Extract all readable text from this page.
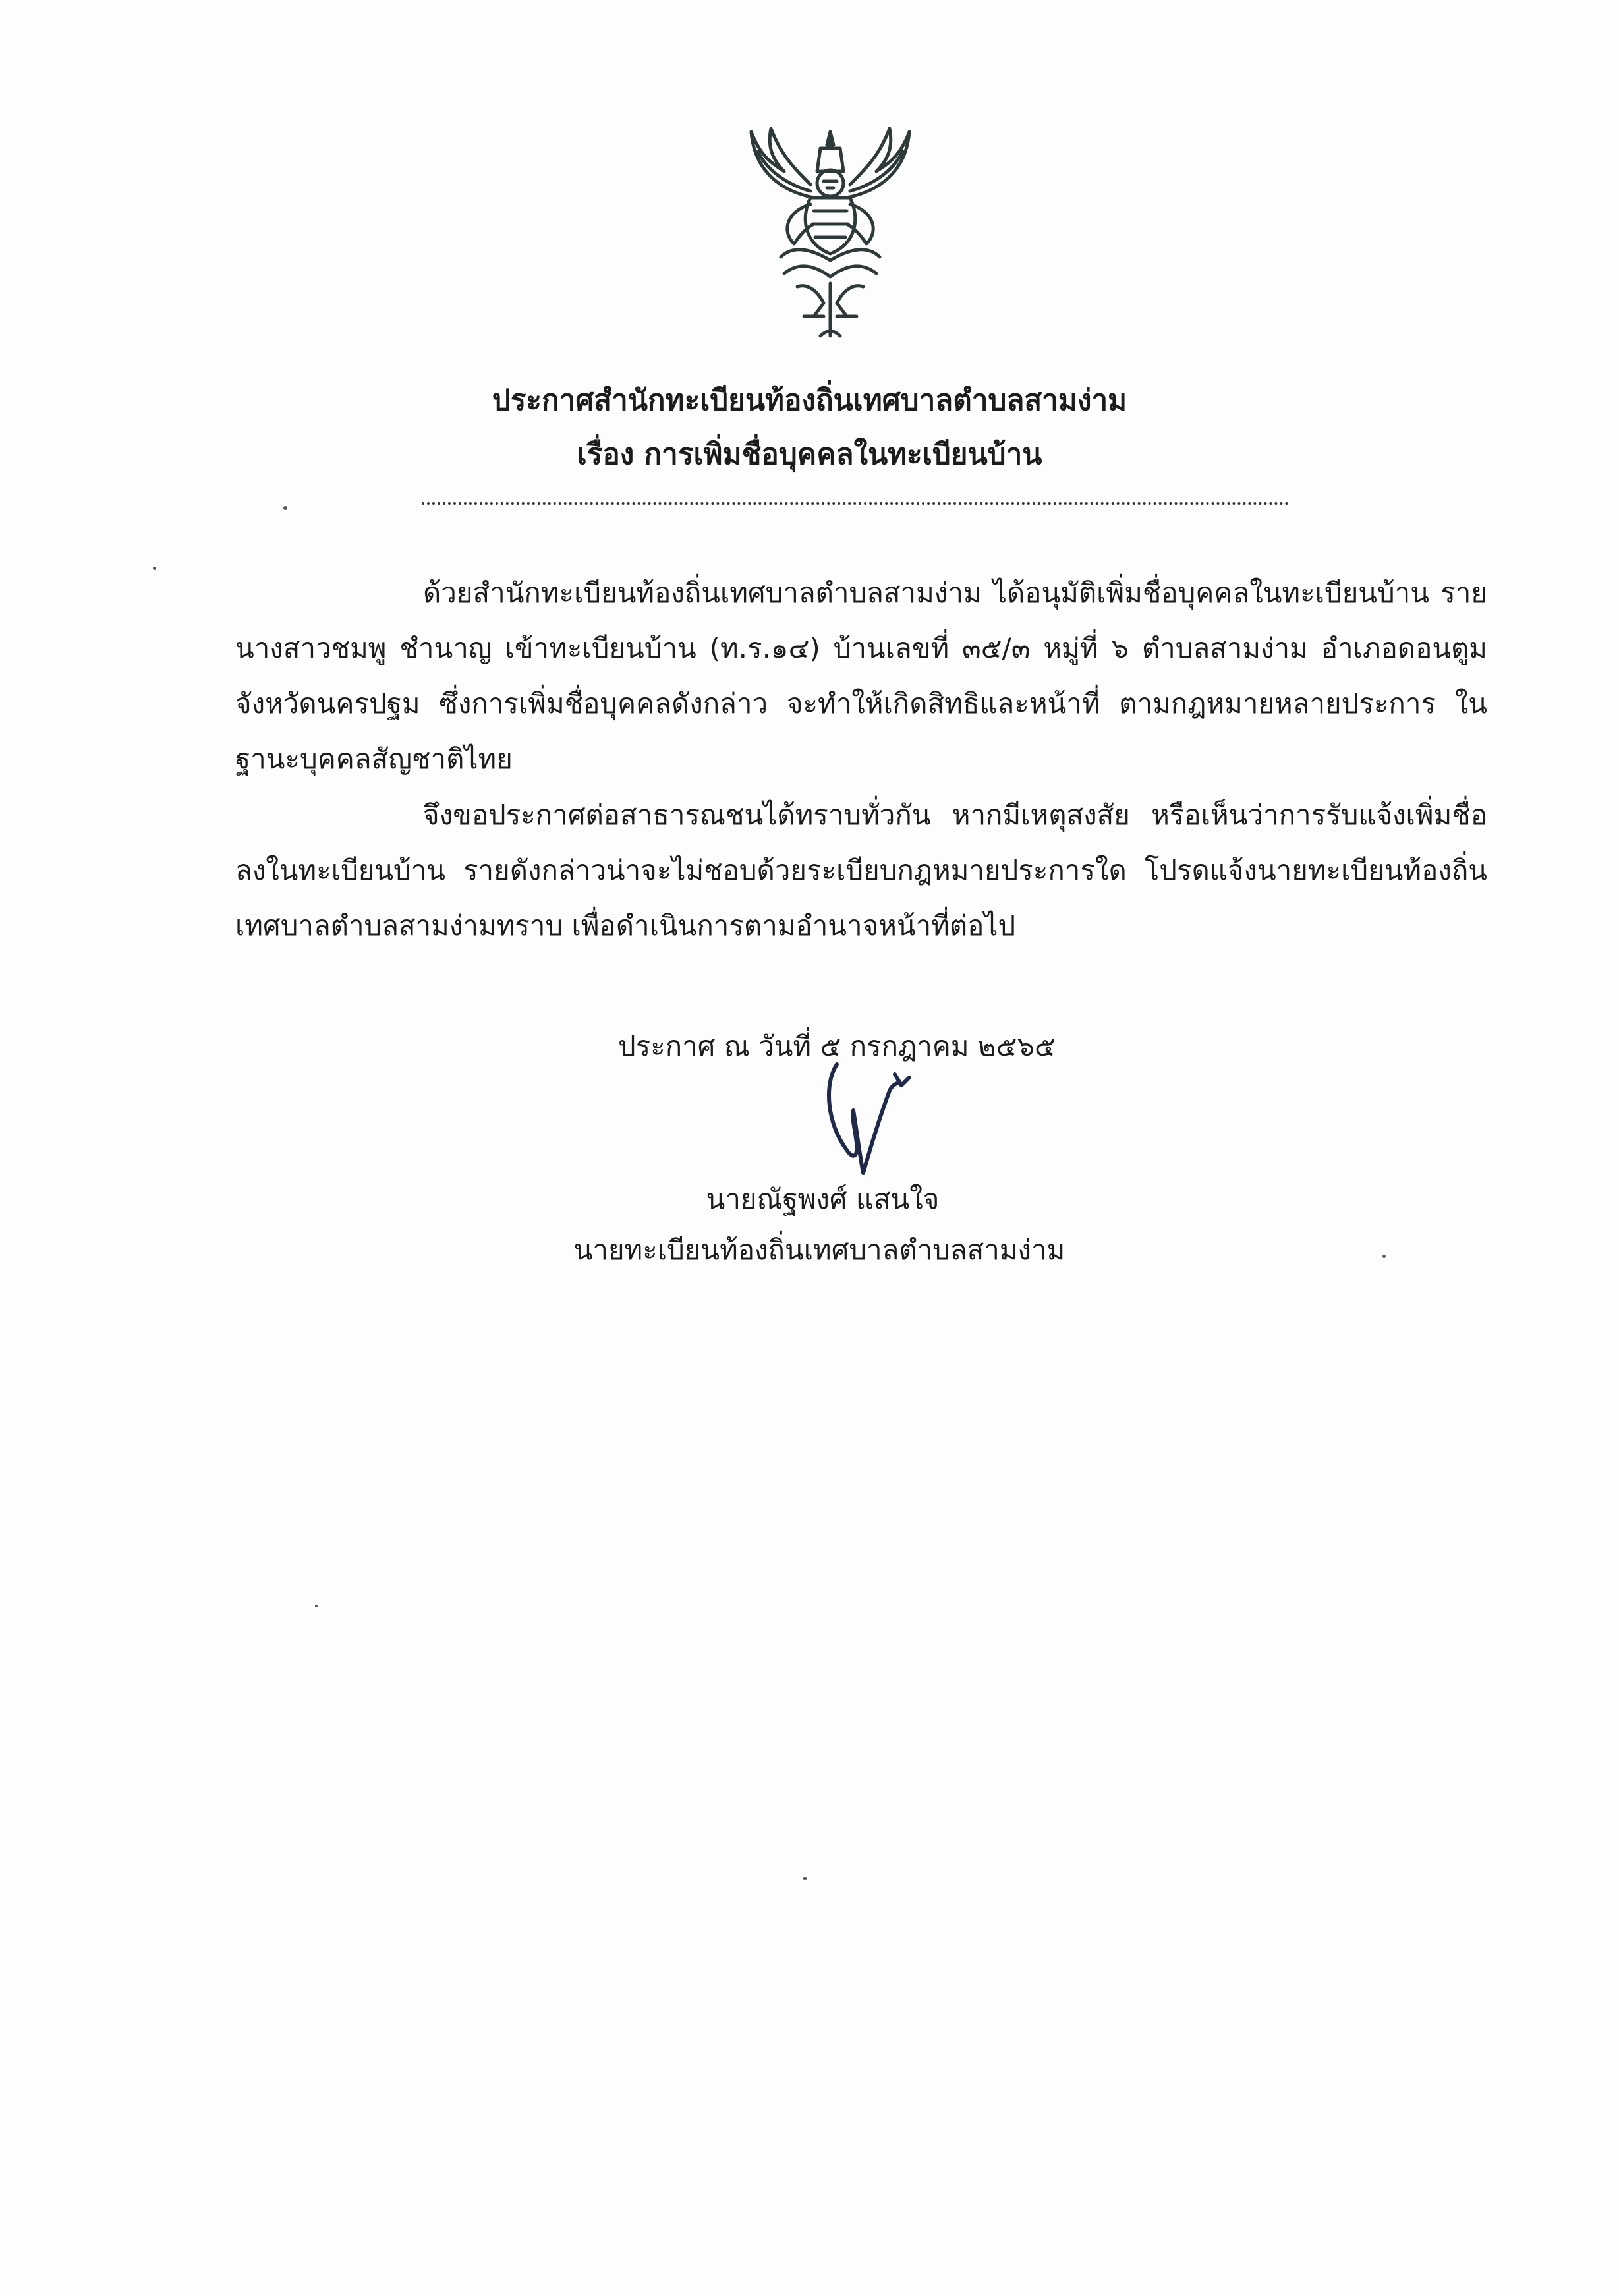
ประกาศสำนักทะเบียนท้องถิ่นเทศบาลตำบลสามง่าม
เรื่อง การเพิ่มชื่อบุคคลในทะเบียนบ้าน

ด้วยสำนักทะเบียนท้องถิ่นเทศบาลตำบลสามง่าม ได้อนุมัติเพิ่มชื่อบุคคลในทะเบียนบ้าน ราย นางสาวชมพู ชำนาญ เข้าทะเบียนบ้าน (ท.ร.๑๔) บ้านเลขที่ ๓๕/๓ หมู่ที่ ๖ ตำบลสามง่าม อำเภอดอนตูม จังหวัดนครปฐม ซึ่งการเพิ่มชื่อบุคคลดังกล่าว จะทำให้เกิดสิทธิและหน้าที่ ตามกฎหมายหลายประการ ในฐานะบุคคลสัญชาติไทย

จึงขอประกาศต่อสาธารณชนได้ทราบทั่วกัน หากมีเหตุสงสัย หรือเห็นว่าการรับแจ้งเพิ่มชื่อลงในทะเบียนบ้าน รายดังกล่าวน่าจะไม่ชอบด้วยระเบียบกฎหมายประการใด โปรดแจ้งนายทะเบียนท้องถิ่นเทศบาลตำบลสามง่ามทราบ เพื่อดำเนินการตามอำนาจหน้าที่ต่อไป

ประกาศ ณ วันที่ ๕ กรกฎาคม ๒๕๖๕
นายณัฐพงศ์ แสนใจ
นายทะเบียนท้องถิ่นเทศบาลตำบลสามง่าม
